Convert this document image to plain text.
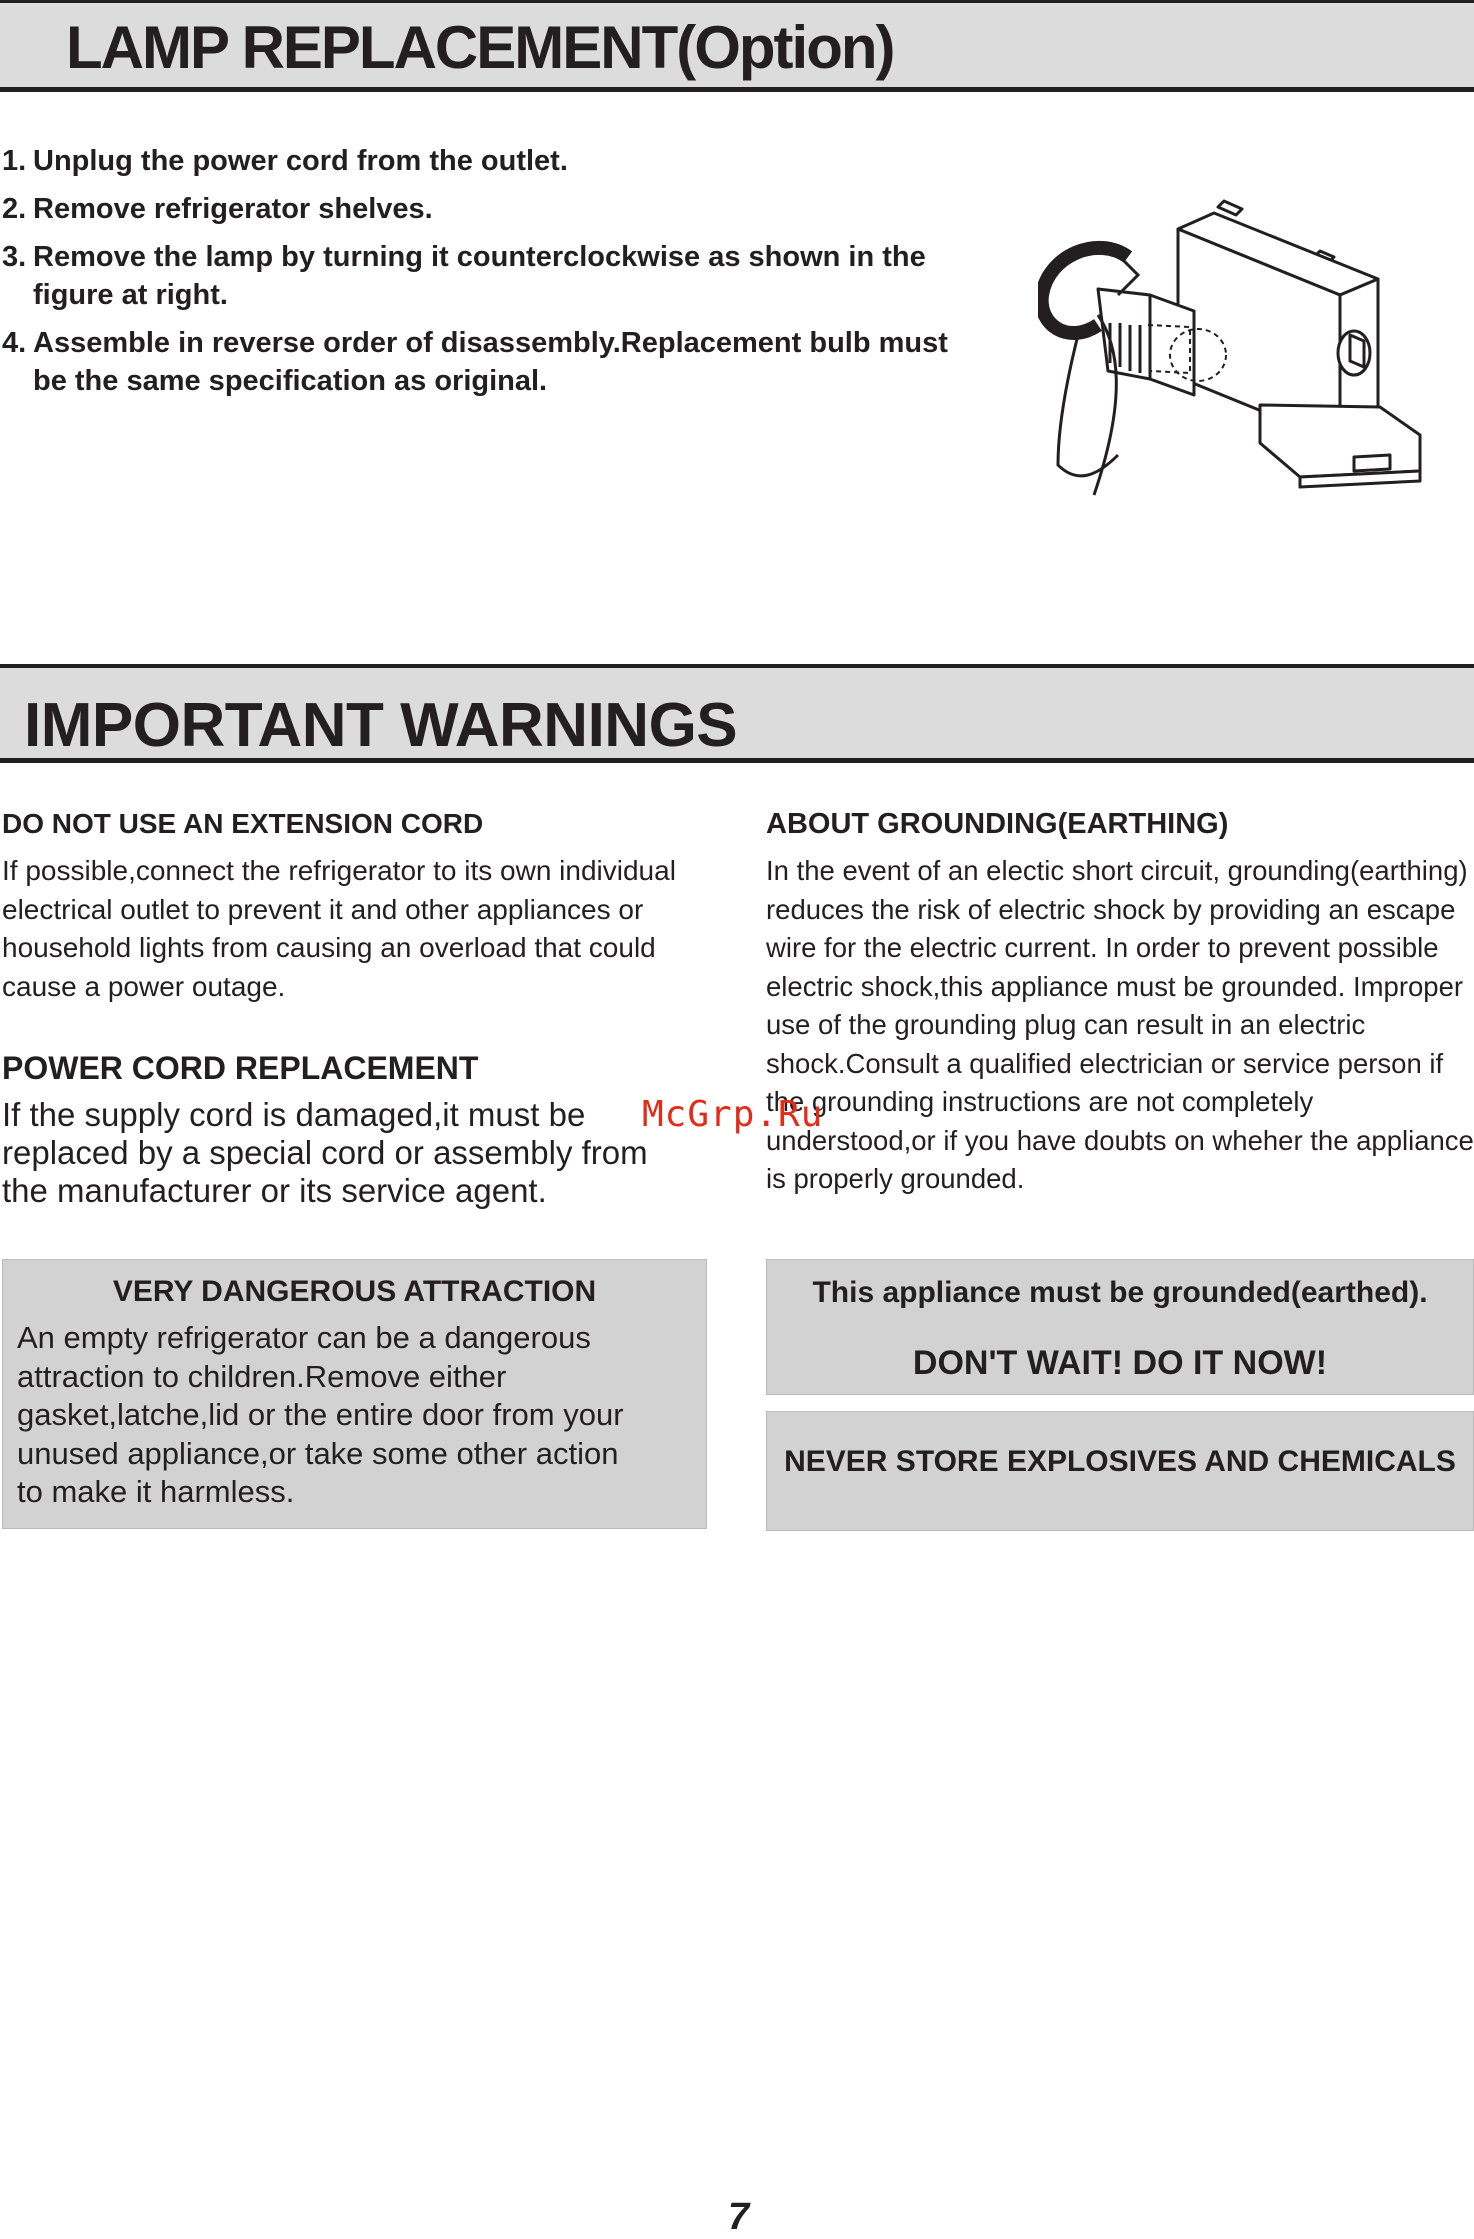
LAMP REPLACEMENT(Option)
1. Unplug the power cord from the outlet.
2. Remove refrigerator shelves.
3. Remove the lamp by turning it counterclockwise as shown in the figure at right.
4. Assemble in reverse order of disassembly.Replacement bulb must be the same specification as original.
IMPORTANT WARNINGS

DO NOT USE AN EXTENSION CORD

If possible,connect the refrigerator to its own individual electrical outlet to prevent it and other appliances or household lights from causing an overload that could cause a power outage.

POWER CORD REPLACEMENT

If the supply cord is damaged,it must be replaced by a special cord or assembly from the manufacturer or its service agent.

VERY DANGEROUS ATTRACTION

An empty refrigerator can be a dangerous attraction to children.Remove either gasket,latche,lid or the entire door from your unused appliance,or take some other action to make it harmless.

ABOUT GROUNDING(EARTHING)

In the event of an electic short circuit, grounding(earthing) reduces the risk of electric shock by providing an escape wire for the electric current. In order to prevent possible electric shock,this appliance must be grounded. Improper use of the grounding plug can result in an electric shock.Consult a qualified electrician or service person if the grounding instructions are not completely understood,or if you have doubts on wheher the appliance is properly grounded.

This appliance must be grounded(earthed).
DON'T WAIT! DO IT NOW!
NEVER STORE EXPLOSIVES AND CHEMICALS
McGrp.Ru
7
